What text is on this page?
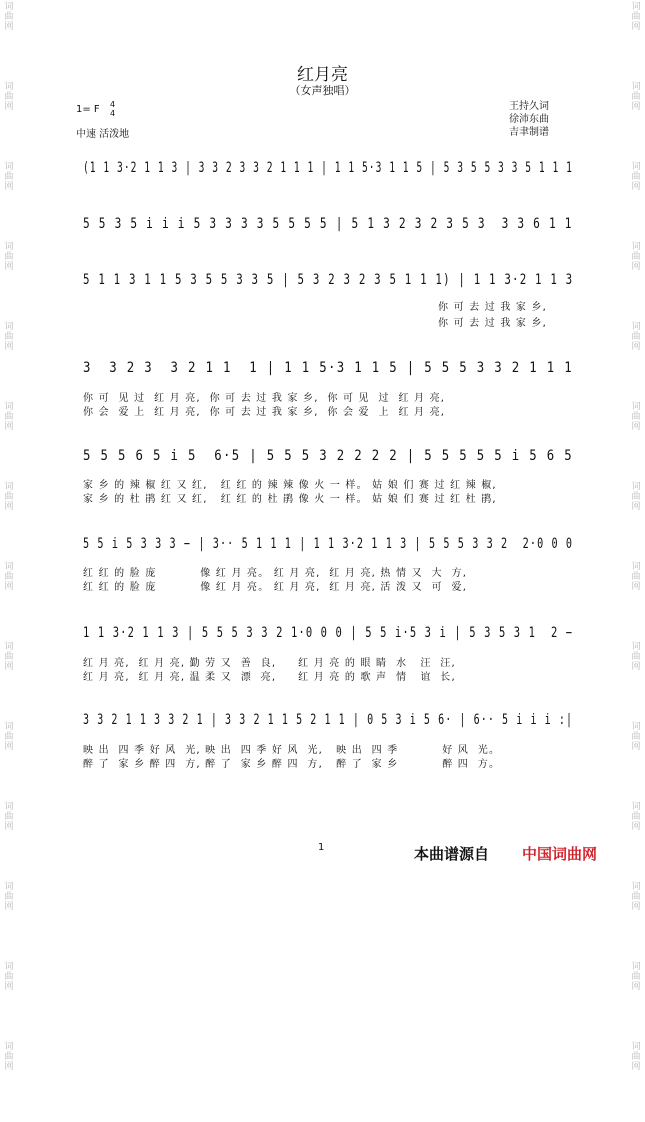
词曲网
词曲网
词曲网
词曲网
词曲网
词曲网
词曲网
词曲网
词曲网
词曲网
词曲网
词曲网
词曲网
词曲网
词曲网
词曲网
词曲网
词曲网
词曲网
词曲网
词曲网
词曲网
词曲网
词曲网
词曲网
词曲网
词曲网
词曲网
红月亮
（女声独唱）
1= F 4
4
中速 活泼地
王持久词
徐沛东曲
吉聿制谱
(1 1 3·2 1 1 3 | 3 3 2 3 3 2 1 1 1 | 1 1 5·3 1 1 5 | 5 3 5 5 3 3 5 1 1 1
5 5 3 5 i i i 5 3 3 3 3 5 5 5 5 | 5 1 3 2 3 2 3 5 3  3 3 6 1 1
5 1 1 3 1 1 5 3 5 5 3 3 5 | 5 3 2 3 2 3 5 1 1 1) | 1 1 3·2 1 1 3
你 可 去 过 我 家 乡,
你 可 去 过 我 家 乡,
3  3 2 3  3 2 1 1  1 | 1 1 5·3 1 1 5 | 5 5 5 3 3 2 1 1 1
你 可  见 过  红 月 亮,  你 可 去 过 我 家 乡,  你 可 见  过  红 月 亮,
你 会  爱 上  红 月 亮,  你 可 去 过 我 家 乡,  你 会 爱  上  红 月 亮,
5 5 5 6 5 i 5  6·5 | 5 5 5 3 2 2 2 2 | 5 5 5 5 5 i 5 6 5
家 乡 的 辣 椒 红 又 红,   红 红 的 辣 辣 像 火 一 样。 姑 娘 们 赛 过 红 辣 椒,
家 乡 的 杜 鹃 红 又 红,   红 红 的 杜 鹃 像 火 一 样。 姑 娘 们 赛 过 红 杜 鹃,
5 5 i 5 3 3 3 − | 3·· 5 1 1 1 | 1 1 3·2 1 1 3 | 5 5 5 3 3 2  2·0 0 0
红 红 的 脸 庞          像 红 月 亮。 红 月 亮,  红 月 亮, 热 情 又  大  方,
红 红 的 脸 庞          像 红 月 亮。 红 月 亮,  红 月 亮, 活 泼 又  可  爱,
1 1 3·2 1 1 3 | 5 5 5 3 3 2 1·0 0 0 | 5 5 i·5 3 i | 5 3 5 3 1  2 −
红 月 亮,  红 月 亮, 勤 劳 又  善  良,     红 月 亮 的 眼 睛  水   汪  汪,
红 月 亮,  红 月 亮, 温 柔 又  漂  亮,     红 月 亮 的 歌 声  情   谊  长,
3 3 2 1 1 3 3 2 1 | 3 3 2 1 1 5 2 1 1 | 0 5 3 i 5 6· | 6·· 5 i i i :|
映 出  四 季 好 风  光, 映 出  四 季 好 风  光,   映 出  四 季          好 风  光。
醉 了  家 乡 醉 四  方, 醉 了  家 乡 醉 四  方,   醉 了  家 乡          醉 四  方。
1	本曲谱源自 中国词曲网
